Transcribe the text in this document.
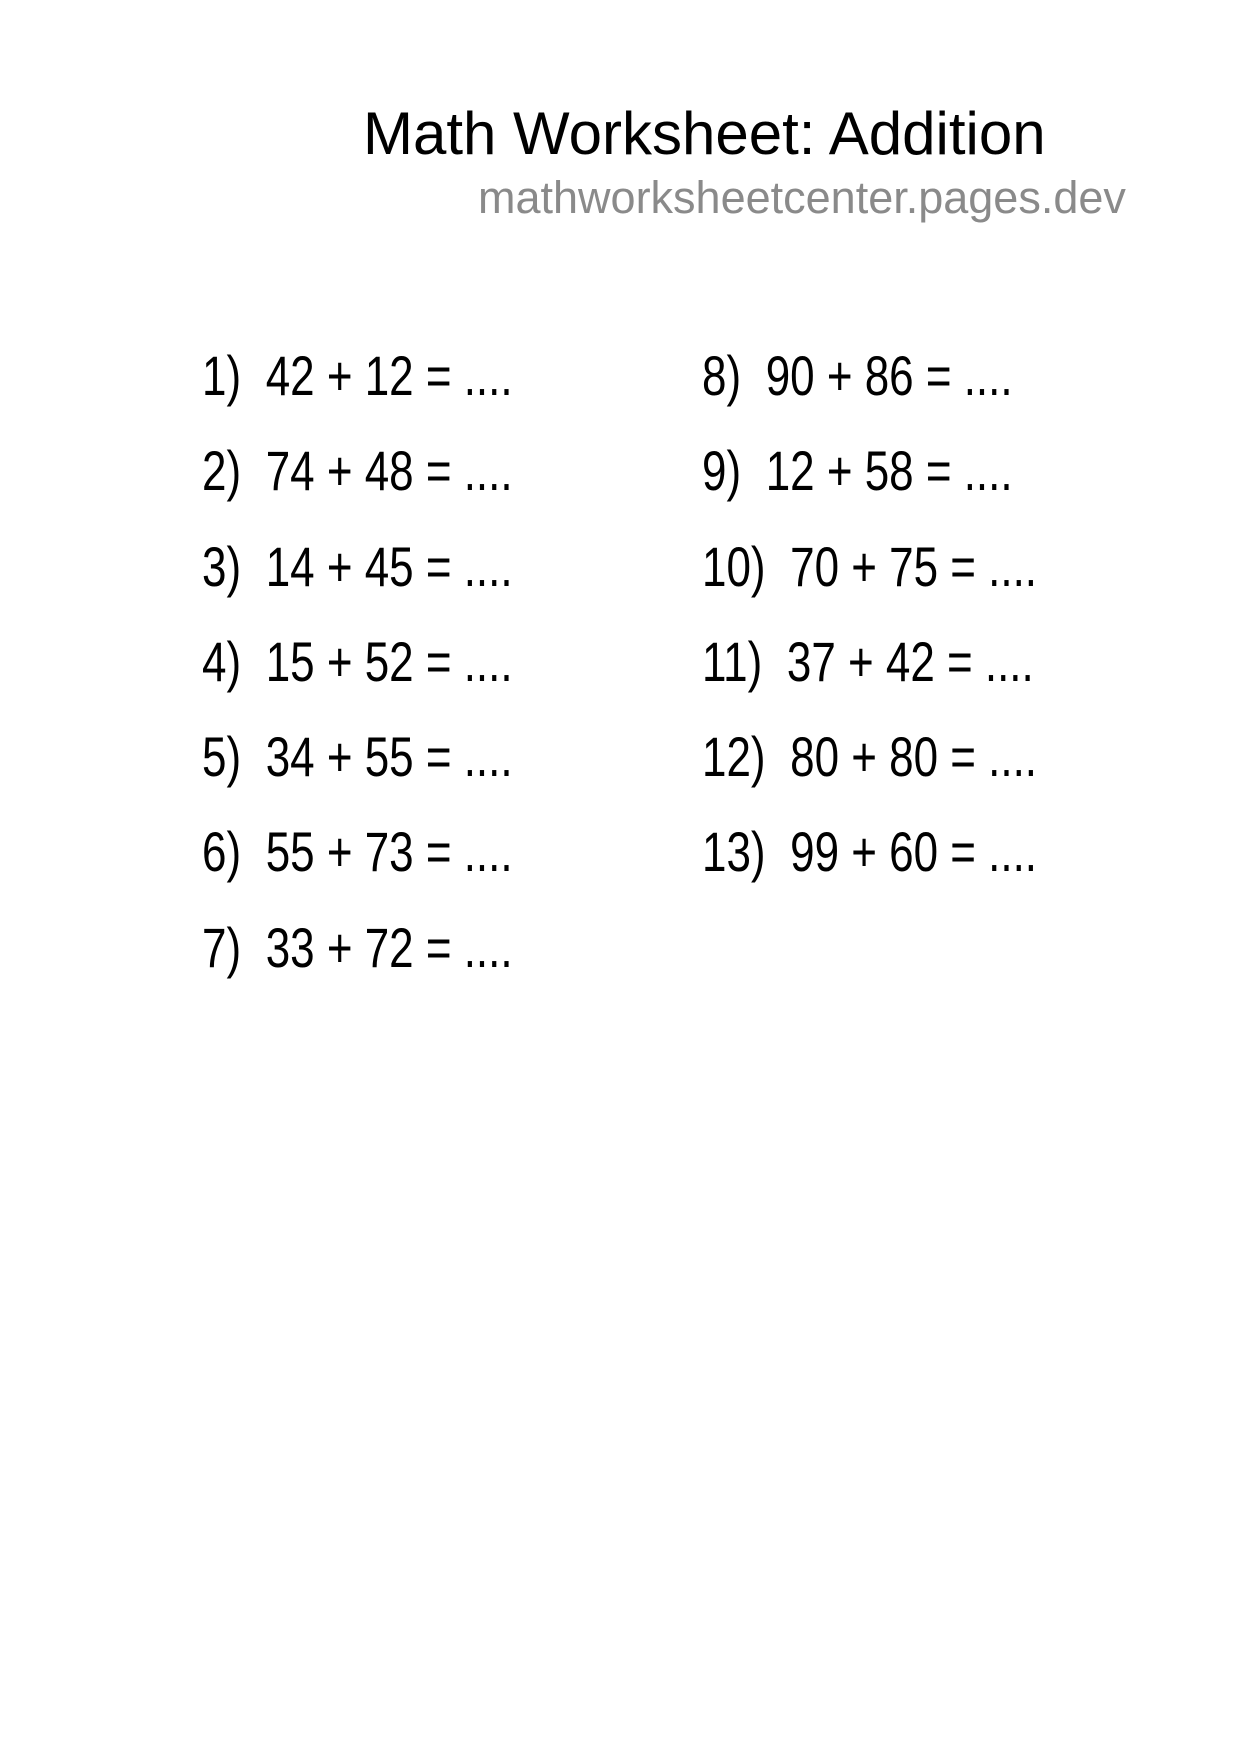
Math Worksheet: Addition
mathworksheetcenter.pages.dev
1) 42 + 12 = ....
2) 74 + 48 = ....
3) 14 + 45 = ....
4) 15 + 52 = ....
5) 34 + 55 = ....
6) 55 + 73 = ....
7) 33 + 72 = ....
8) 90 + 86 = ....
9) 12 + 58 = ....
10) 70 + 75 = ....
11) 37 + 42 = ....
12) 80 + 80 = ....
13) 99 + 60 = ....
